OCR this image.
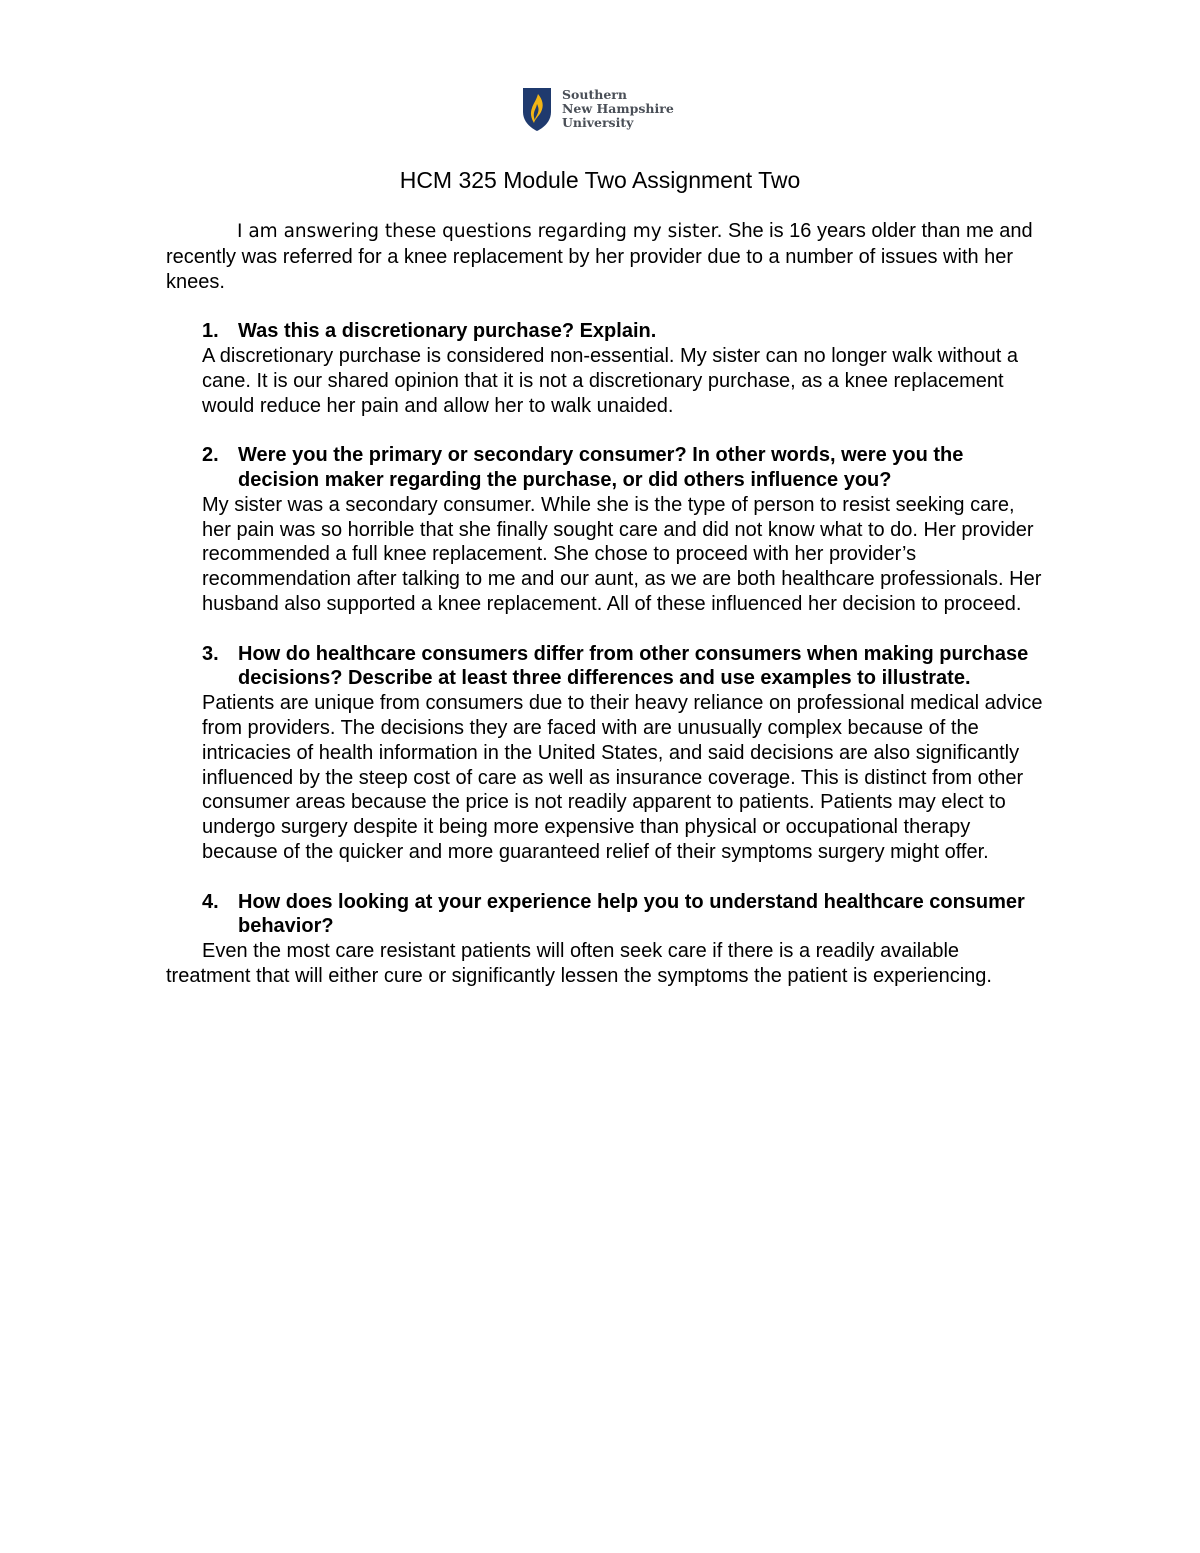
Southern
New Hampshire
University
HCM 325 Module Two Assignment Two

I am answering these questions regarding my sister. She is 16 years older than me and recently was referred for a knee replacement by her provider due to a number of issues with her knees.

1. Was this a discretionary purchase? Explain.

A discretionary purchase is considered non-essential. My sister can no longer walk without a cane. It is our shared opinion that it is not a discretionary purchase, as a knee replacement would reduce her pain and allow her to walk unaided.

2. Were you the primary or secondary consumer? In other words, were you the decision maker regarding the purchase, or did others influence you?

My sister was a secondary consumer. While she is the type of person to resist seeking care, her pain was so horrible that she finally sought care and did not know what to do. Her provider recommended a full knee replacement. She chose to proceed with her provider’s recommendation after talking to me and our aunt, as we are both healthcare professionals. Her husband also supported a knee replacement. All of these influenced her decision to proceed.

3. How do healthcare consumers differ from other consumers when making purchase decisions? Describe at least three differences and use examples to illustrate.

Patients are unique from consumers due to their heavy reliance on professional medical advice from providers. The decisions they are faced with are unusually complex because of the intricacies of health information in the United States, and said decisions are also significantly influenced by the steep cost of care as well as insurance coverage. This is distinct from other consumer areas because the price is not readily apparent to patients. Patients may elect to undergo surgery despite it being more expensive than physical or occupational therapy because of the quicker and more guaranteed relief of their symptoms surgery might offer.

4. How does looking at your experience help you to understand healthcare consumer behavior?

Even the most care resistant patients will often seek care if there is a readily available treatment that will either cure or significantly lessen the symptoms the patient is experiencing.
